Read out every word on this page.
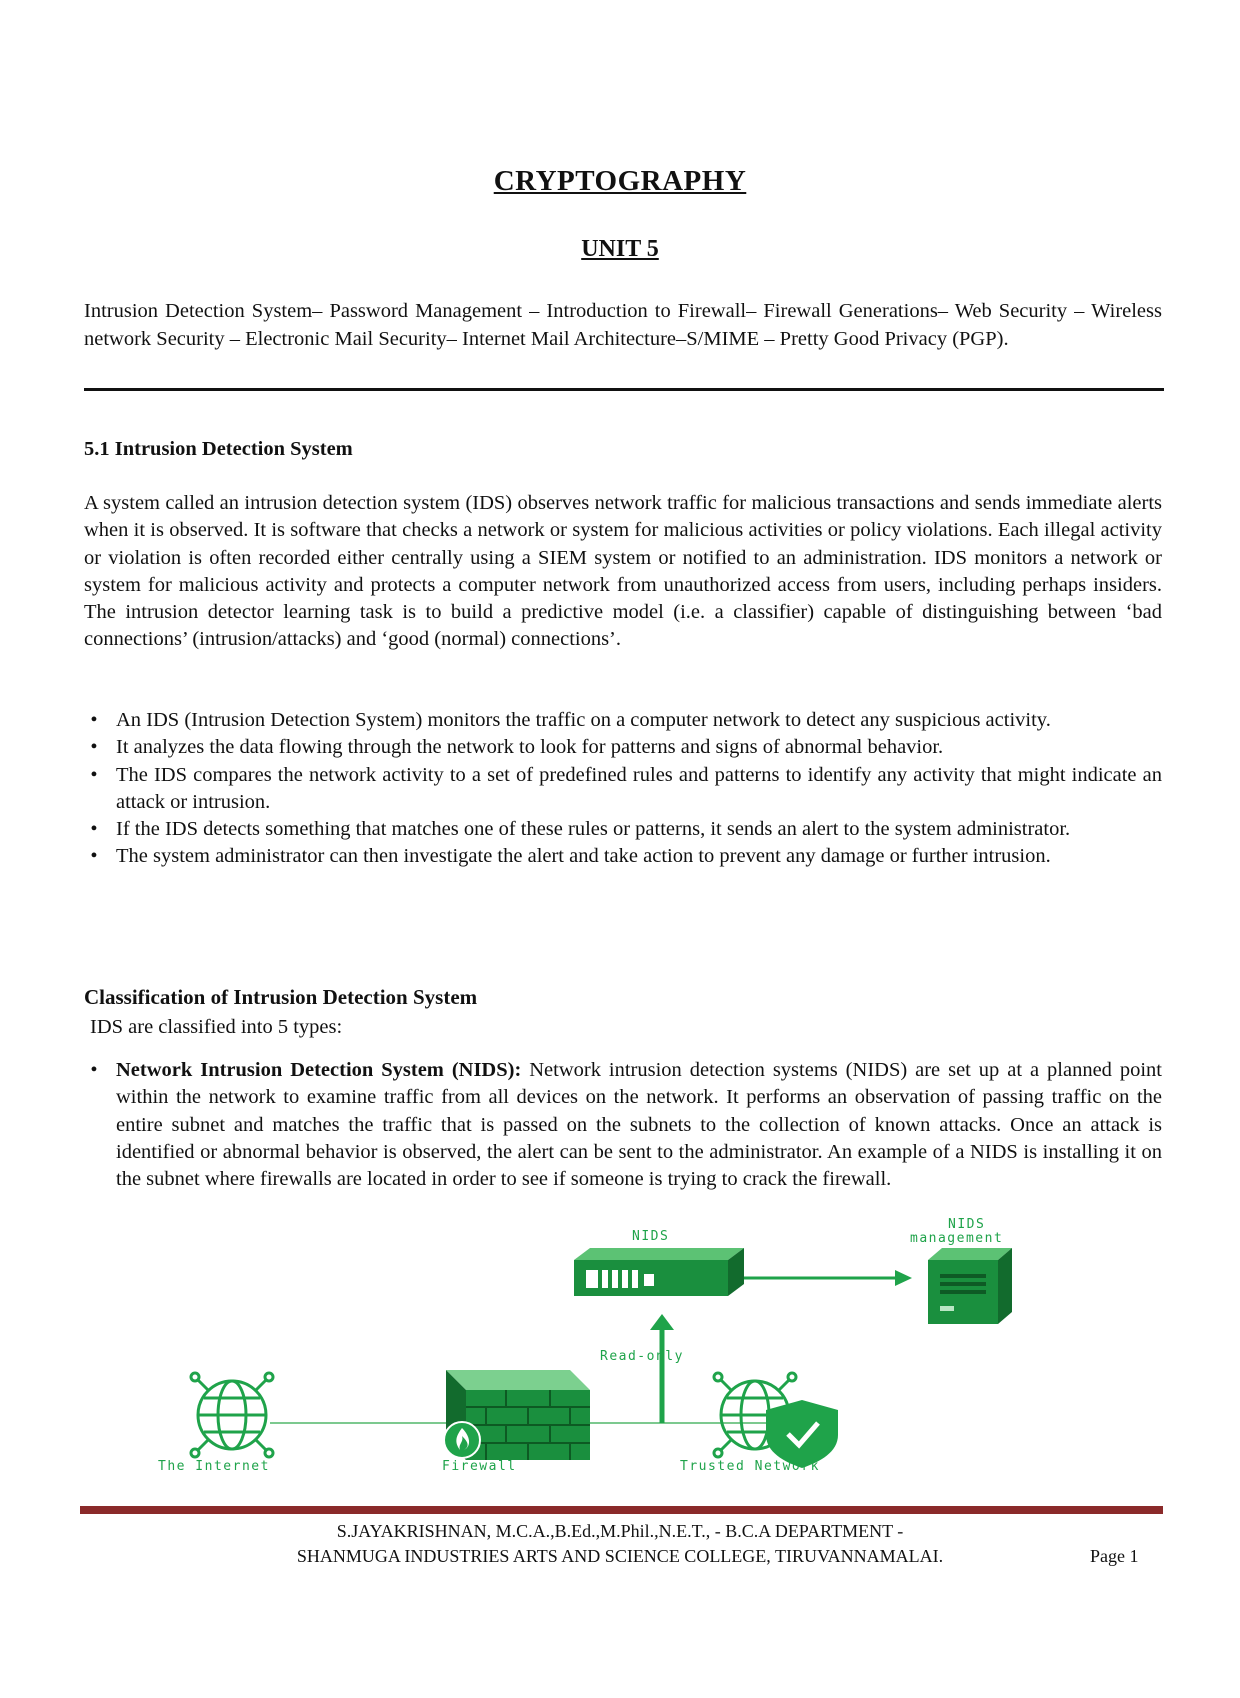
CRYPTOGRAPHY
UNIT 5
Intrusion Detection System– Password Management – Introduction to Firewall– Firewall Generations– Web Security – Wireless network Security – Electronic Mail Security– Internet Mail Architecture–S/MIME – Pretty Good Privacy (PGP).
5.1 Intrusion Detection System
A system called an intrusion detection system (IDS) observes network traffic for malicious transactions and sends immediate alerts when it is observed. It is software that checks a network or system for malicious activities or policy violations. Each illegal activity or violation is often recorded either centrally using a SIEM system or notified to an administration. IDS monitors a network or system for malicious activity and protects a computer network from unauthorized access from users, including perhaps insiders. The intrusion detector learning task is to build a predictive model (i.e. a classifier) capable of distinguishing between ‘bad connections’ (intrusion/attacks) and ‘good (normal) connections’.
• An IDS (Intrusion Detection System) monitors the traffic on a computer network to detect any suspicious activity.
• It analyzes the data flowing through the network to look for patterns and signs of abnormal behavior.
• The IDS compares the network activity to a set of predefined rules and patterns to identify any activity that might indicate an attack or intrusion.
• If the IDS detects something that matches one of these rules or patterns, it sends an alert to the system administrator.
• The system administrator can then investigate the alert and take action to prevent any damage or further intrusion.
Classification of Intrusion Detection System
IDS are classified into 5 types:
• Network Intrusion Detection System (NIDS): Network intrusion detection systems (NIDS) are set up at a planned point within the network to examine traffic from all devices on the network. It performs an observation of passing traffic on the entire subnet and matches the traffic that is passed on the subnets to the collection of known attacks. Once an attack is identified or abnormal behavior is observed, the alert can be sent to the administrator. An example of a NIDS is installing it on the subnet where firewalls are located in order to see if someone is trying to crack the firewall.
NIDS
NIDS
management
Read-only
The Internet	Firewall	Trusted Network
S.JAYAKRISHNAN, M.C.A.,B.Ed.,M.Phil.,N.E.T., - B.C.A DEPARTMENT -
SHANMUGA INDUSTRIES ARTS AND SCIENCE COLLEGE, TIRUVANNAMALAI.	Page 1
